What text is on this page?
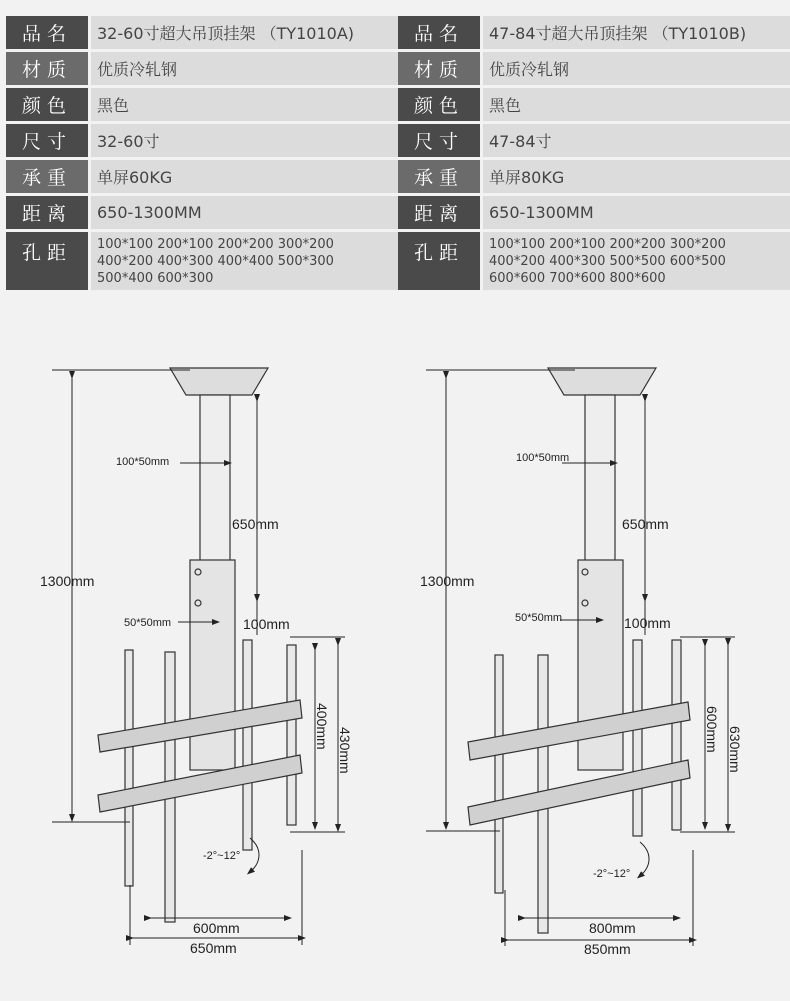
品名	32-60寸超大吊顶挂架 （TY1010A)
材质	优质冷轧钢
颜色	黑色
尺寸	32-60寸
承重	单屏60KG
距离	650-1300MM
孔距	100*100 200*100 200*200 300*200
400*200 400*300 400*400 500*300
500*400 600*300
品名	47-84寸超大吊顶挂架 （TY1010B)
材质	优质冷轧钢
颜色	黑色
尺寸	47-84寸
承重	单屏80KG
距离	650-1300MM
孔距	100*100 200*100 200*200 300*200
400*200 400*300 500*500 600*500
600*600 700*600 800*600
1300mm
650mm
100*50mm
50*50mm	100mm
400mm
430mm
-2°~12°
600mm
650mm
1300mm
650mm
100*50mm
50*50mm	100mm
600mm 630mm
-2°~12°
800mm
850mm
